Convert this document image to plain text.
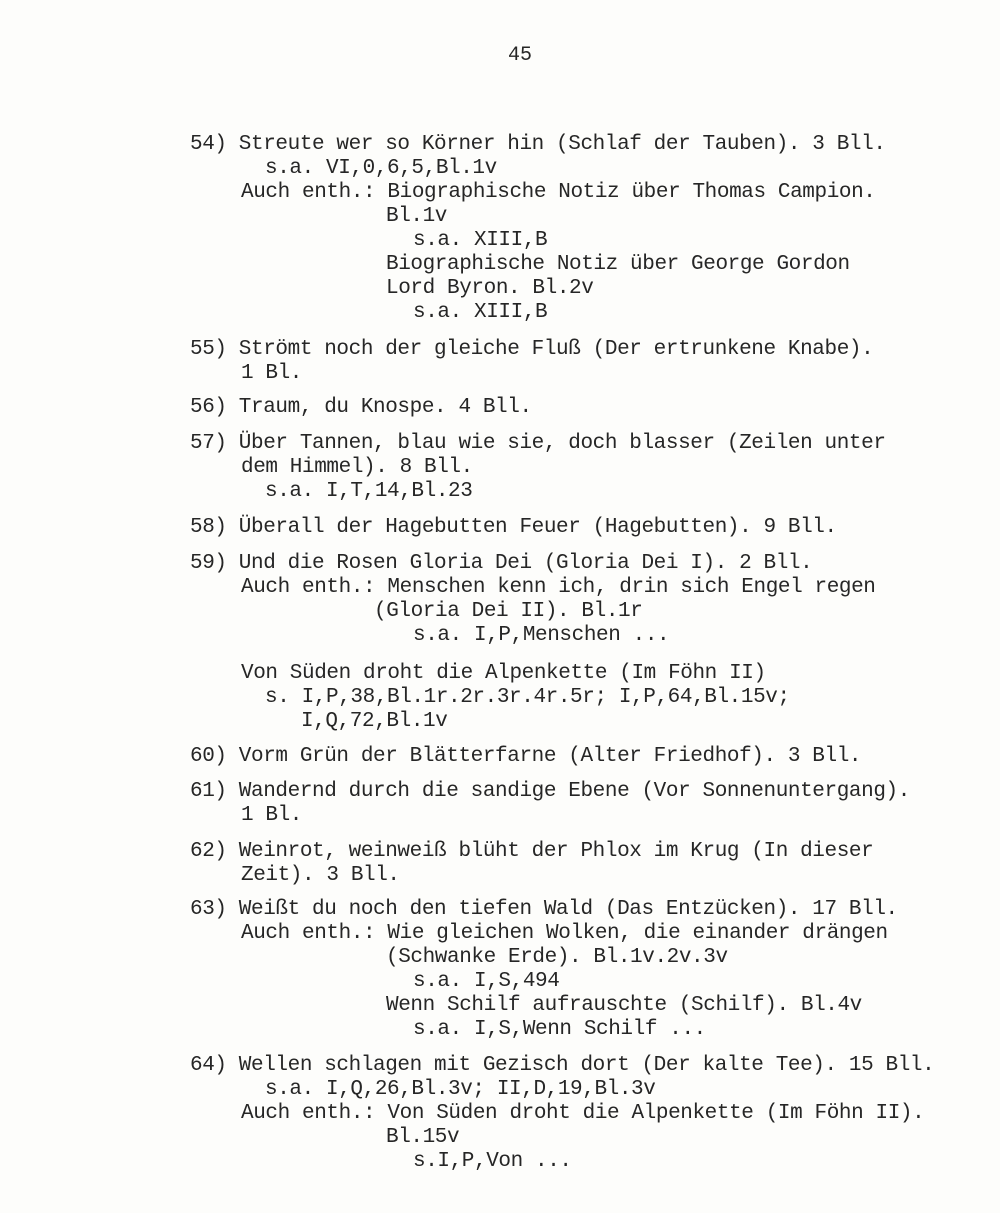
45
54) Streute wer so Körner hin (Schlaf der Tauben). 3 Bll.
s.a. VI,0,6,5,Bl.1v
Auch enth.: Biographische Notiz über Thomas Campion.
Bl.1v
s.a. XIII,B
Biographische Notiz über George Gordon
Lord Byron. Bl.2v
s.a. XIII,B
55) Strömt noch der gleiche Fluß (Der ertrunkene Knabe).
1 Bl.
56) Traum, du Knospe. 4 Bll.
57) Über Tannen, blau wie sie, doch blasser (Zeilen unter
dem Himmel). 8 Bll.
s.a. I,T,14,Bl.23
58) Überall der Hagebutten Feuer (Hagebutten). 9 Bll.
59) Und die Rosen Gloria Dei (Gloria Dei I). 2 Bll.
Auch enth.: Menschen kenn ich, drin sich Engel regen
(Gloria Dei II). Bl.1r
s.a. I,P,Menschen ...
Von Süden droht die Alpenkette (Im Föhn II)
s. I,P,38,Bl.1r.2r.3r.4r.5r; I,P,64,Bl.15v;
I,Q,72,Bl.1v
60) Vorm Grün der Blätterfarne (Alter Friedhof). 3 Bll.
61) Wandernd durch die sandige Ebene (Vor Sonnenuntergang).
1 Bl.
62) Weinrot, weinweiß blüht der Phlox im Krug (In dieser
Zeit). 3 Bll.
63) Weißt du noch den tiefen Wald (Das Entzücken). 17 Bll.
Auch enth.: Wie gleichen Wolken, die einander drängen
(Schwanke Erde). Bl.1v.2v.3v
s.a. I,S,494
Wenn Schilf aufrauschte (Schilf). Bl.4v
s.a. I,S,Wenn Schilf ...
64) Wellen schlagen mit Gezisch dort (Der kalte Tee). 15 Bll.
s.a. I,Q,26,Bl.3v; II,D,19,Bl.3v
Auch enth.: Von Süden droht die Alpenkette (Im Föhn II).
Bl.15v
s.I,P,Von ...
